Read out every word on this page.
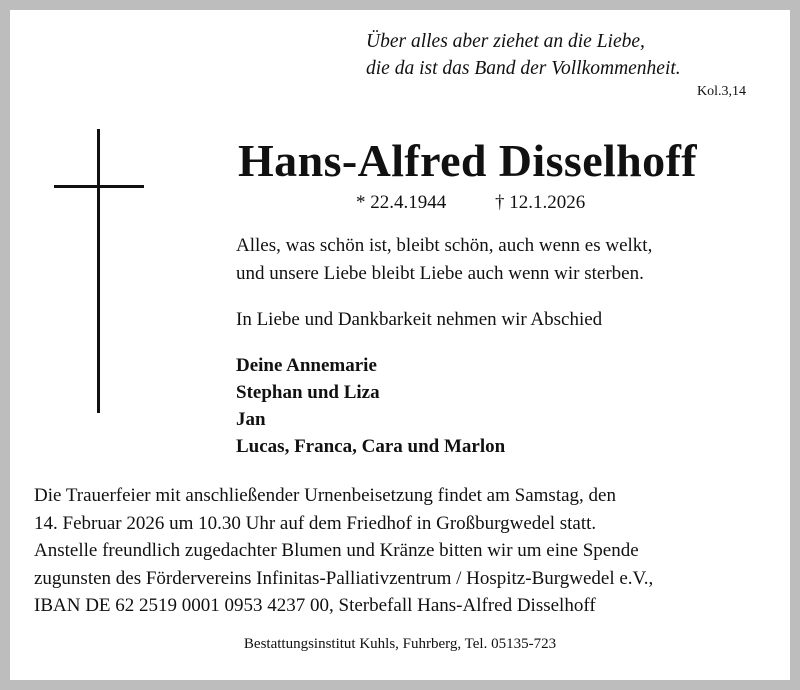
Über alles aber ziehet an die Liebe,
die da ist das Band der Vollkommenheit.
Kol.3,14
Hans-Alfred Disselhoff
* 22.4.1944	† 12.1.2026
Alles, was schön ist, bleibt schön, auch wenn es welkt,
und unsere Liebe bleibt Liebe auch wenn wir sterben.
In Liebe und Dankbarkeit nehmen wir Abschied
Deine Annemarie
Stephan und Liza
Jan
Lucas, Franca, Cara und Marlon
Die Trauerfeier mit anschließender Urnenbeisetzung findet am Samstag, den
14. Februar 2026 um 10.30 Uhr auf dem Friedhof in Großburgwedel statt.
Anstelle freundlich zugedachter Blumen und Kränze bitten wir um eine Spende
zugunsten des Fördervereins Infinitas-Palliativzentrum / Hospitz-Burgwedel e.V.,
IBAN DE 62 2519 0001 0953 4237 00, Sterbefall Hans-Alfred Disselhoff
Bestattungsinstitut Kuhls, Fuhrberg, Tel. 05135-723
